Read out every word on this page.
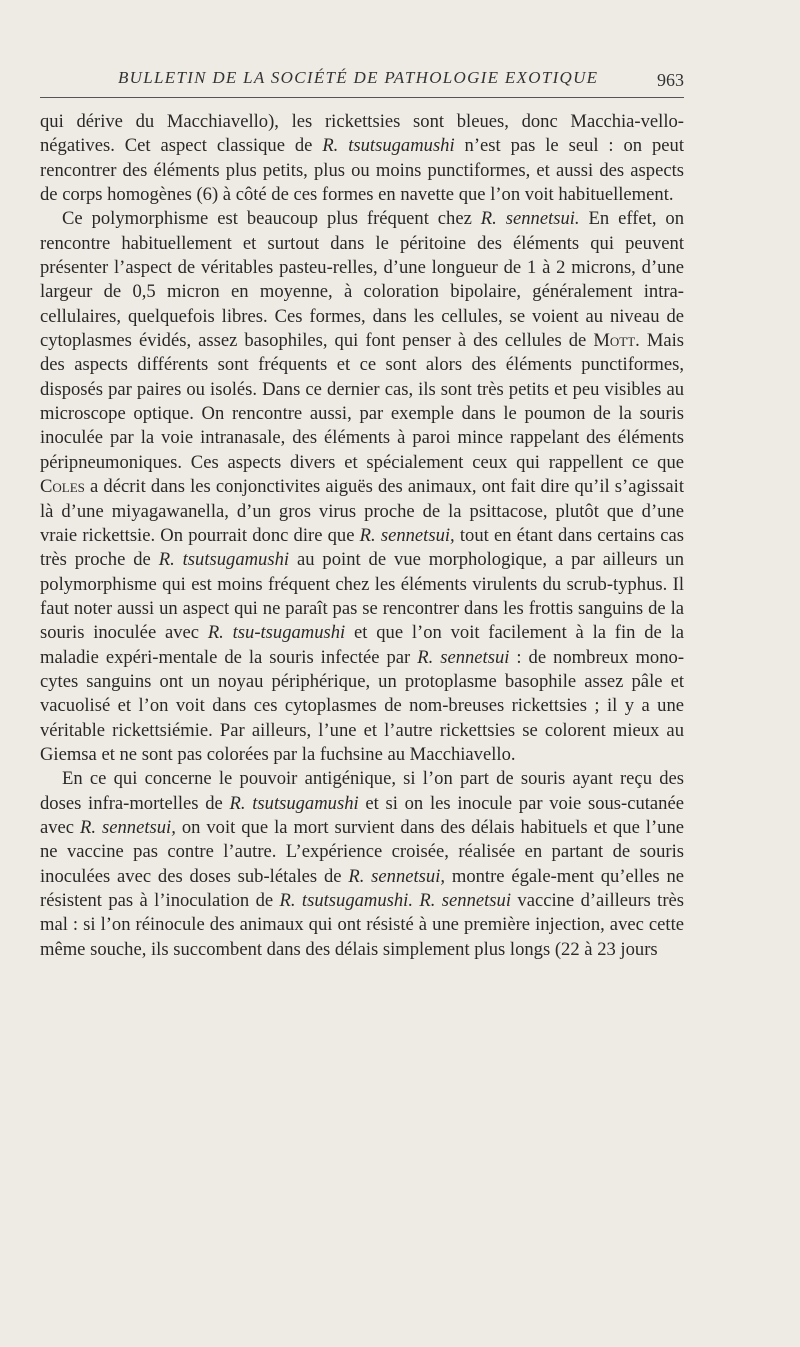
BULLETIN DE LA SOCIÉTÉ DE PATHOLOGIE EXOTIQUE	963

qui dérive du Macchiavello), les rickettsies sont bleues, donc Macchia-vello-négatives. Cet aspect classique de R. tsutsugamushi n’est pas le seul : on peut rencontrer des éléments plus petits, plus ou moins punctiformes, et aussi des aspects de corps homogènes (6) à côté de ces formes en navette que l’on voit habituellement.

Ce polymorphisme est beaucoup plus fréquent chez R. sennetsui. En effet, on rencontre habituellement et surtout dans le péritoine des éléments qui peuvent présenter l’aspect de véritables pasteu-relles, d’une longueur de 1 à 2 microns, d’une largeur de 0,5 micron en moyenne, à coloration bipolaire, généralement intra-cellulaires, quelquefois libres. Ces formes, dans les cellules, se voient au niveau de cytoplasmes évidés, assez basophiles, qui font penser à des cellules de Mott. Mais des aspects différents sont fréquents et ce sont alors des éléments punctiformes, disposés par paires ou isolés. Dans ce dernier cas, ils sont très petits et peu visibles au microscope optique. On rencontre aussi, par exemple dans le poumon de la souris inoculée par la voie intranasale, des éléments à paroi mince rappelant des éléments péripneumoniques. Ces aspects divers et spécialement ceux qui rappellent ce que Coles a décrit dans les conjonctivites aiguës des animaux, ont fait dire qu’il s’agissait là d’une miyagawanella, d’un gros virus proche de la psittacose, plutôt que d’une vraie rickettsie. On pourrait donc dire que R. sennetsui, tout en étant dans certains cas très proche de R. tsutsugamushi au point de vue morphologique, a par ailleurs un polymorphisme qui est moins fréquent chez les éléments virulents du scrub-typhus. Il faut noter aussi un aspect qui ne paraît pas se rencontrer dans les frottis sanguins de la souris inoculée avec R. tsu-tsugamushi et que l’on voit facilement à la fin de la maladie expéri-mentale de la souris infectée par R. sennetsui : de nombreux mono-cytes sanguins ont un noyau périphérique, un protoplasme basophile assez pâle et vacuolisé et l’on voit dans ces cytoplasmes de nom-breuses rickettsies ; il y a une véritable rickettsiémie. Par ailleurs, l’une et l’autre rickettsies se colorent mieux au Giemsa et ne sont pas colorées par la fuchsine au Macchiavello.

En ce qui concerne le pouvoir antigénique, si l’on part de souris ayant reçu des doses infra-mortelles de R. tsutsugamushi et si on les inocule par voie sous-cutanée avec R. sennetsui, on voit que la mort survient dans des délais habituels et que l’une ne vaccine pas contre l’autre. L’expérience croisée, réalisée en partant de souris inoculées avec des doses sub-létales de R. sennetsui, montre égale-ment qu’elles ne résistent pas à l’inoculation de R. tsutsugamushi. R. sennetsui vaccine d’ailleurs très mal : si l’on réinocule des animaux qui ont résisté à une première injection, avec cette même souche, ils succombent dans des délais simplement plus longs (22 à 23 jours
